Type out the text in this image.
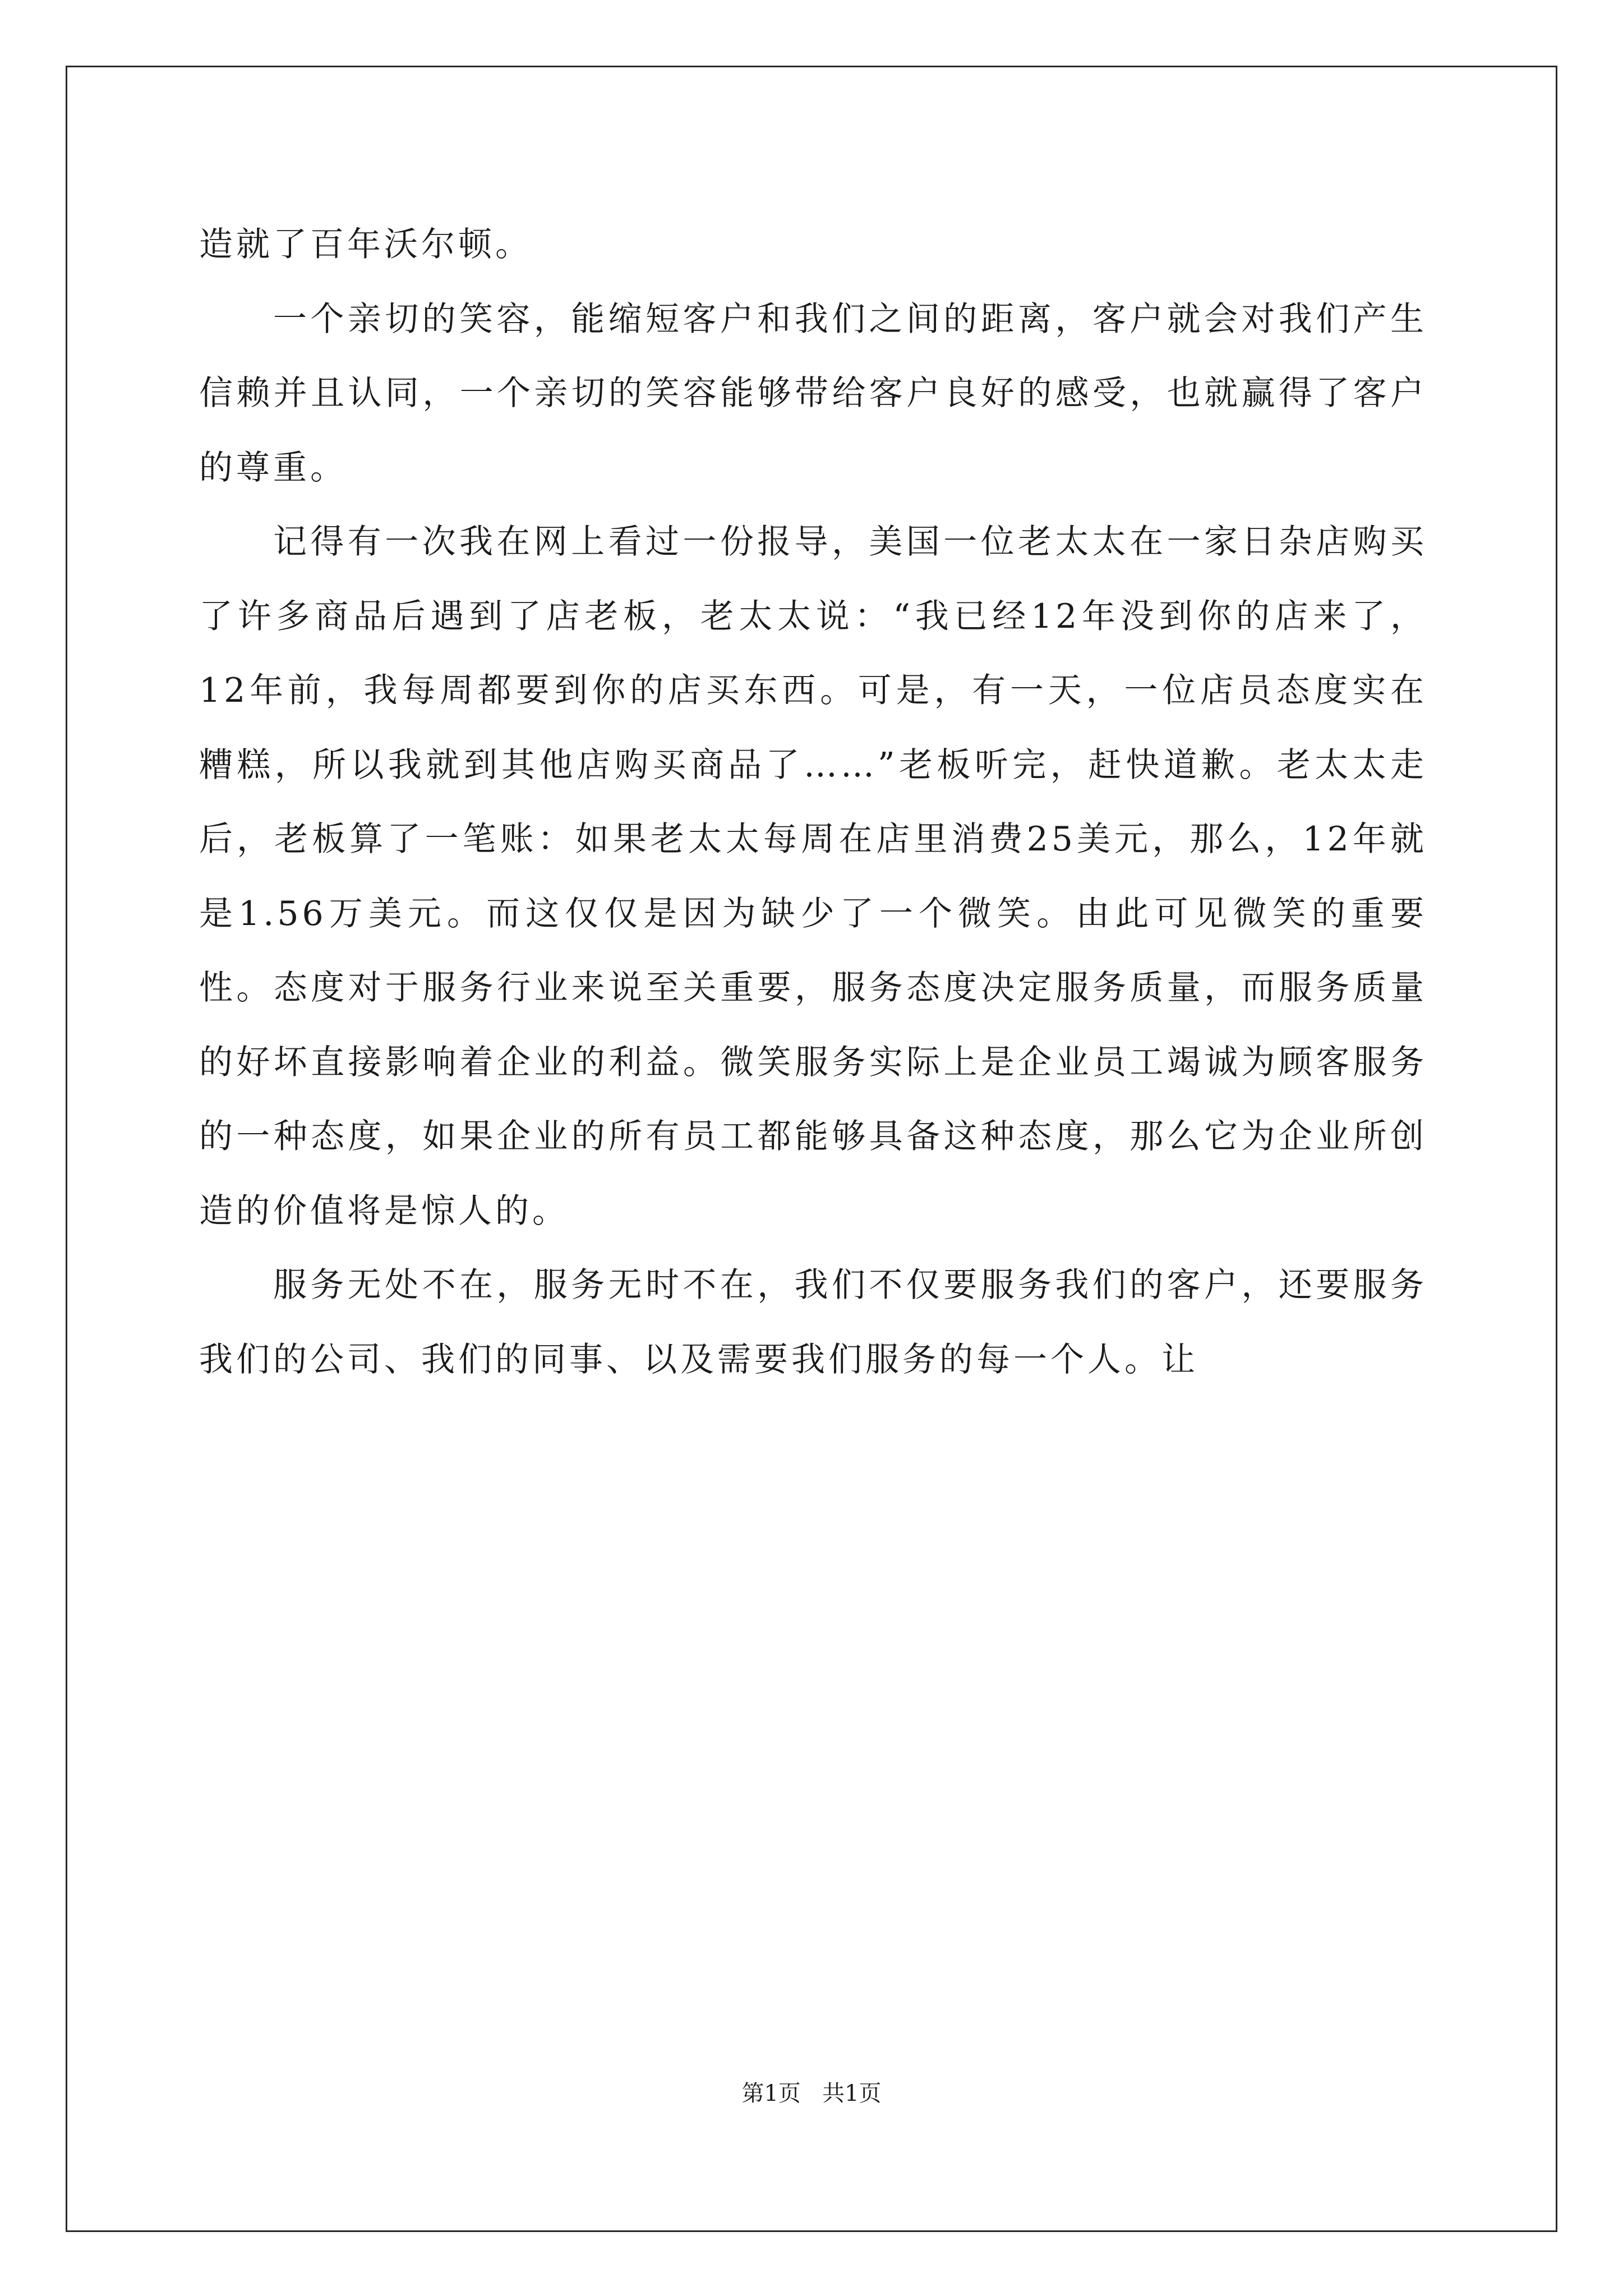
造就了百年沃尔顿。

一个亲切的笑容，能缩短客户和我们之间的距离，客户就会对我们产生信赖并且认同，一个亲切的笑容能够带给客户良好的感受，也就赢得了客户的尊重。

记得有一次我在网上看过一份报导，美国一位老太太在一家日杂店购买了许多商品后遇到了店老板，老太太说：“我已经12年没到你的店来了，12年前，我每周都要到你的店买东西。可是，有一天，一位店员态度实在糟糕，所以我就到其他店购买商品了……”老板听完，赶快道歉。老太太走后，老板算了一笔账：如果老太太每周在店里消费25美元，那么，12年就是1.56万美元。而这仅仅是因为缺少了一个微笑。由此可见微笑的重要性。态度对于服务行业来说至关重要，服务态度决定服务质量，而服务质量的好坏直接影响着企业的利益。微笑服务实际上是企业员工竭诚为顾客服务的一种态度，如果企业的所有员工都能够具备这种态度，那么它为企业所创造的价值将是惊人的。

服务无处不在，服务无时不在，我们不仅要服务我们的客户，还要服务我们的公司、我们的同事、以及需要我们服务的每一个人。让

第1页   共1页
